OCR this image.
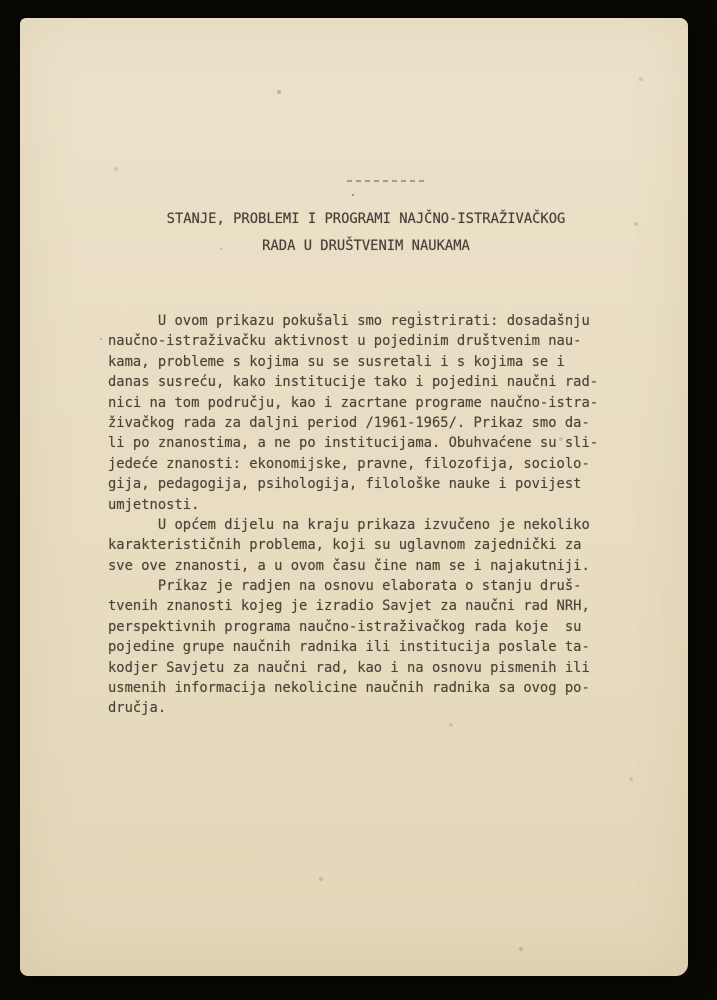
STANJE, PROBLEMI I PROGRAMI NAJČNO-ISTRAŽIVAČKOG
RADA U DRUŠTVENIM NAUKAMA
U ovom prikazu pokušali smo registrirati: dosadašnju
naučno-istraživačku aktivnost u pojedinim društvenim nau-
kama, probleme s kojima su se susretali i s kojima se i
danas susreću, kako institucije tako i pojedini naučni rad-
nici na tom području, kao i zacrtane programe naučno-istra-
živačkog rada za daljni period /1961-1965/. Prikaz smo da-
li po znanostima, a ne po institucijama. Obuhvaćene su sli-
jedeće znanosti: ekonomijske, pravne, filozofija, sociolo-
gija, pedagogija, psihologija, filološke nauke i povijest
umjetnosti.
U općem dijelu na kraju prikaza izvučeno je nekoliko
karakterističnih problema, koji su uglavnom zajednički za
sve ove znanosti, a u ovom času čine nam se i najakutniji.
Prikaz je radjen na osnovu elaborata o stanju druš-
tvenih znanosti kojeg je izradio Savjet za naučni rad NRH,
perspektivnih programa naučno-istraživačkog rada koje  su
pojedine grupe naučnih radnika ili institucija poslale ta-
kodjer Savjetu za naučni rad, kao i na osnovu pismenih ili
usmenih informacija nekolicine naučnih radnika sa ovog po-
dručja.
